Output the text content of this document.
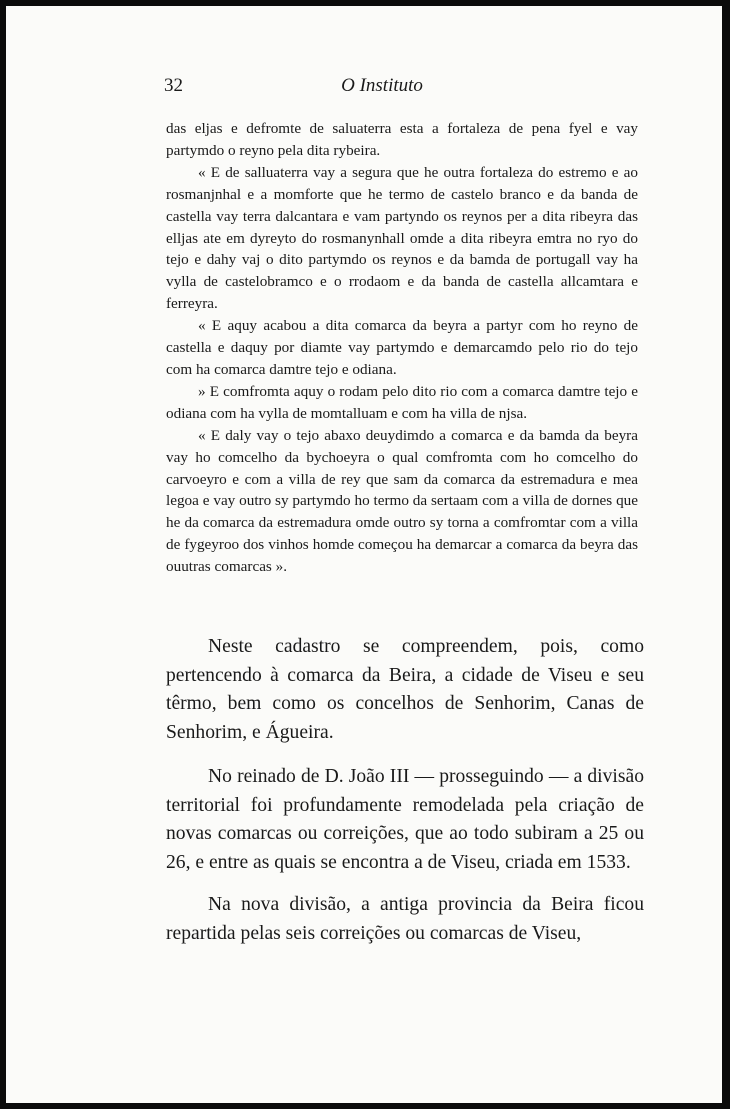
32	O Instituto

das eljas e defromte de saluaterra esta a fortaleza de pena fyel e vay partymdo o reyno pela dita rybeira.

« E de salluaterra vay a segura que he outra fortaleza do estremo e ao rosmanjnhal e a momforte que he termo de castelo branco e da banda de castella vay terra dalcantara e vam partyndo os reynos per a dita ribeyra das elljas ate em dyreyto do rosmanynhall omde a dita ribeyra emtra no ryo do tejo e dahy vaj o dito partymdo os reynos e da bamda de portugall vay ha vylla de castelobramco e o rrodaom e da banda de castella allcamtara e ferreyra.

« E aquy acabou a dita comarca da beyra a partyr com ho reyno de castella e daquy por diamte vay partymdo e demarcamdo pelo rio do tejo com ha comarca damtre tejo e odiana.

» E comfromta aquy o rodam pelo dito rio com a comarca damtre tejo e odiana com ha vylla de momtalluam e com ha villa de njsa.

« E daly vay o tejo abaxo deuydimdo a comarca e da bamda da beyra vay ho comcelho da bychoeyra o qual comfromta com ho comcelho do carvoeyro e com a villa de rey que sam da comarca da estremadura e mea legoa e vay outro sy partymdo ho termo da sertaam com a villa de dornes que he da comarca da estremadura omde outro sy torna a comfromtar com a villa de fygeyroo dos vinhos homde começou ha demarcar a comarca da beyra das ouutras comarcas ».

Neste cadastro se compreendem, pois, como pertencendo à comarca da Beira, a cidade de Viseu e seu têrmo, bem como os concelhos de Senhorim, Canas de Senhorim, e Águeira.

No reinado de D. João III — prosseguindo — a divisão territorial foi profundamente remodelada pela criação de novas comarcas ou correições, que ao todo subiram a 25 ou 26, e entre as quais se encontra a de Viseu, criada em 1533.

Na nova divisão, a antiga provincia da Beira ficou repartida pelas seis correições ou comarcas de Viseu,
